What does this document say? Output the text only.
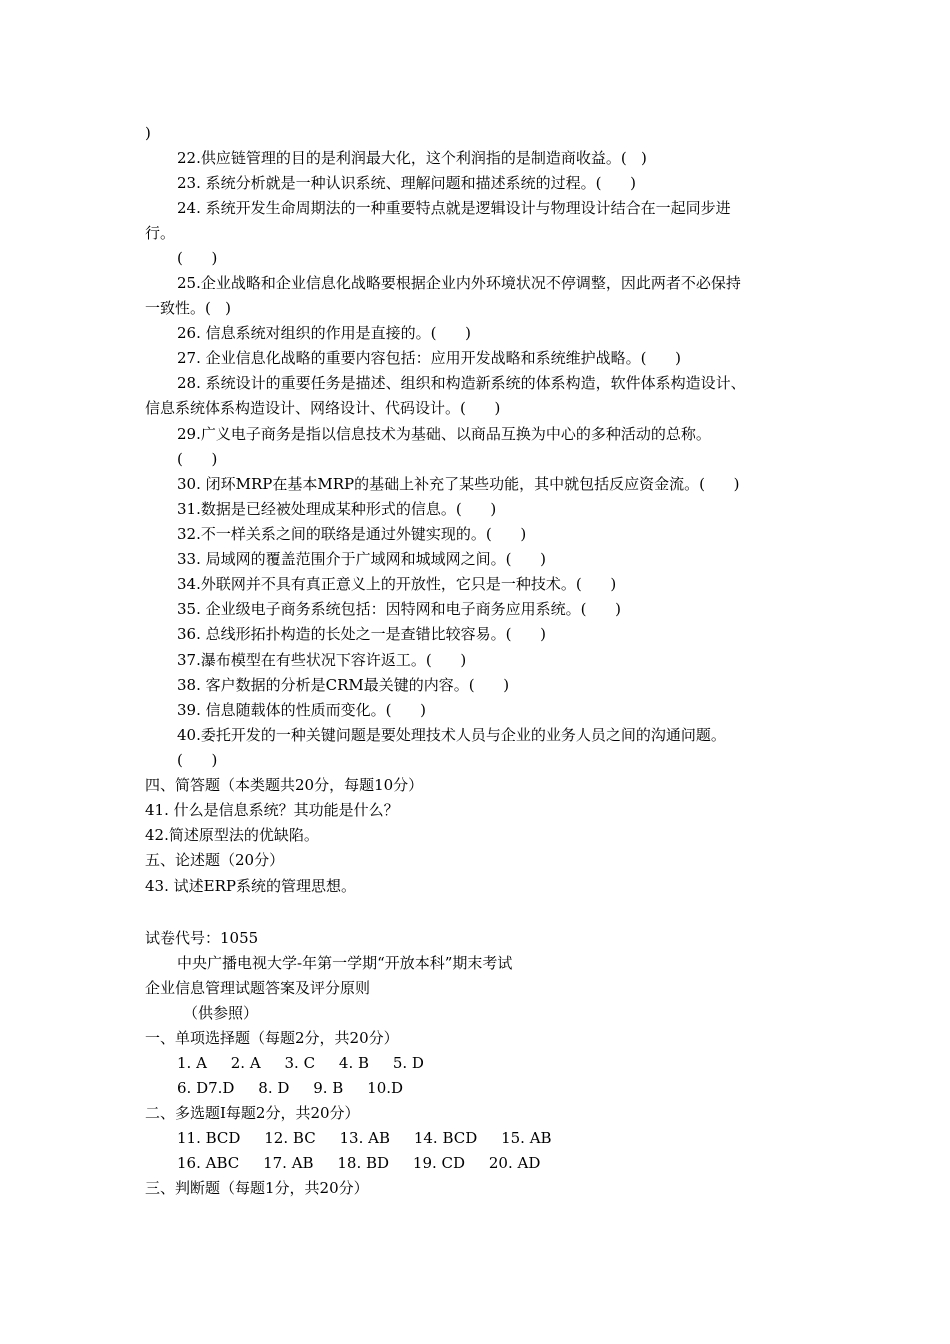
)
22.供应链管理的目的是利润最大化，这个利润指的是制造商收益。(   )
23. 系统分析就是一种认识系统、理解问题和描述系统的过程。(      )
24. 系统开发生命周期法的一种重要特点就是逻辑设计与物理设计结合在一起同步进
行。
(      )
25.企业战略和企业信息化战略要根据企业内外环境状况不停调整，因此两者不必保持
一致性。(   )
26. 信息系统对组织的作用是直接的。(      )
27. 企业信息化战略的重要内容包括：应用开发战略和系统维护战略。(      )
28. 系统设计的重要任务是描述、组织和构造新系统的体系构造，软件体系构造设计、
信息系统体系构造设计、网络设计、代码设计。(      )
29.广义电子商务是指以信息技术为基础、以商品互换为中心的多种活动的总称。
(      )
30. 闭环MRP在基本MRP的基础上补充了某些功能，其中就包括反应资金流。(      )
31.数据是已经被处理成某种形式的信息。(      )
32.不一样关系之间的联络是通过外键实现的。(      )
33. 局域网的覆盖范围介于广域网和城域网之间。(      )
34.外联网并不具有真正意义上的开放性，它只是一种技术。(      )
35. 企业级电子商务系统包括：因特网和电子商务应用系统。(      )
36. 总线形拓扑构造的长处之一是查错比较容易。(      )
37.瀑布模型在有些状况下容许返工。(      )
38. 客户数据的分析是CRM最关键的内容。(      )
39. 信息随载体的性质而变化。(      )
40.委托开发的一种关键问题是要处理技术人员与企业的业务人员之间的沟通问题。
(      )
四、简答题（本类题共20分，每题10分）
41. 什么是信息系统？其功能是什么？
42.简述原型法的优缺陷。
五、论述题（20分）
43. 试述ERP系统的管理思想。
试卷代号：1055
中央广播电视大学-年第一学期“开放本科”期末考试
企业信息管理试题答案及评分原则
（供参照）
一、单项选择题（每题2分，共20分）
1. A     2. A     3. C     4. B     5. D
6. D7.D     8. D     9. B     10.D
二、多选题I每题2分，共20分）
11. BCD     12. BC     13. AB     14. BCD     15. AB
16. ABC     17. AB     18. BD     19. CD     20. AD
三、判断题（每题1分，共20分）
